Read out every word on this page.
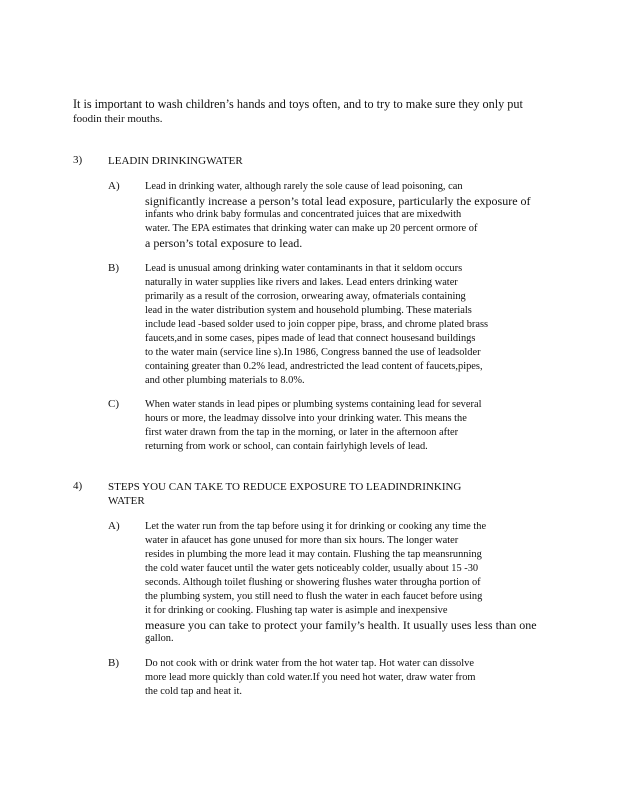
It is important to wash children’s hands and toys often, and to try to make sure they only put
foodin their mouths.
3) LEADIN DRINKINGWATER
A) Lead in drinking water, although rarely the sole cause of lead poisoning, can
significantly increase a person’s total lead exposure, particularly the exposure of
infants who drink baby formulas and concentrated juices that are mixedwith
water. The EPA estimates that drinking water can make up 20 percent ormore of
a person’s total exposure to lead.
B)	Lead is unusual among drinking water contaminants in that it seldom occurs
naturally in water supplies like rivers and lakes. Lead enters drinking water
primarily as a result of the corrosion, orwearing away, ofmaterials containing
lead in the water distribution system and household plumbing. These materials
include lead -based solder used to join copper pipe, brass, and chrome plated brass
faucets,and in some cases, pipes made of lead that connect housesand buildings
to the water main (service line s).In 1986, Congress banned the use of leadsolder
containing greater than 0.2% lead, andrestricted the lead content of faucets,pipes,
and other plumbing materials to 8.0%.
C)	When water stands in lead pipes or plumbing systems containing lead for several
hours or more, the leadmay dissolve into your drinking water. This means the
first water drawn from the tap in the morning, or later in the afternoon after
returning from work or school, can contain fairlyhigh levels of lead.
4) STEPS YOU CAN TAKE TO REDUCE EXPOSURE TO LEADINDRINKING
WATER
A) Let the water run from the tap before using it for drinking or cooking any time the
water in afaucet has gone unused for more than six hours. The longer water
resides in plumbing the more lead it may contain. Flushing the tap meansrunning
the cold water faucet until the water gets noticeably colder, usually about 15 -30
seconds. Although toilet flushing or showering flushes water througha portion of
the plumbing system, you still need to flush the water in each faucet before using
it for drinking or cooking. Flushing tap water is asimple and inexpensive
measure you can take to protect your family’s health. It usually uses less than one
gallon.
B)	Do not cook with or drink water from the hot water tap. Hot water can dissolve
more lead more quickly than cold water.If you need hot water, draw water from
the cold tap and heat it.
